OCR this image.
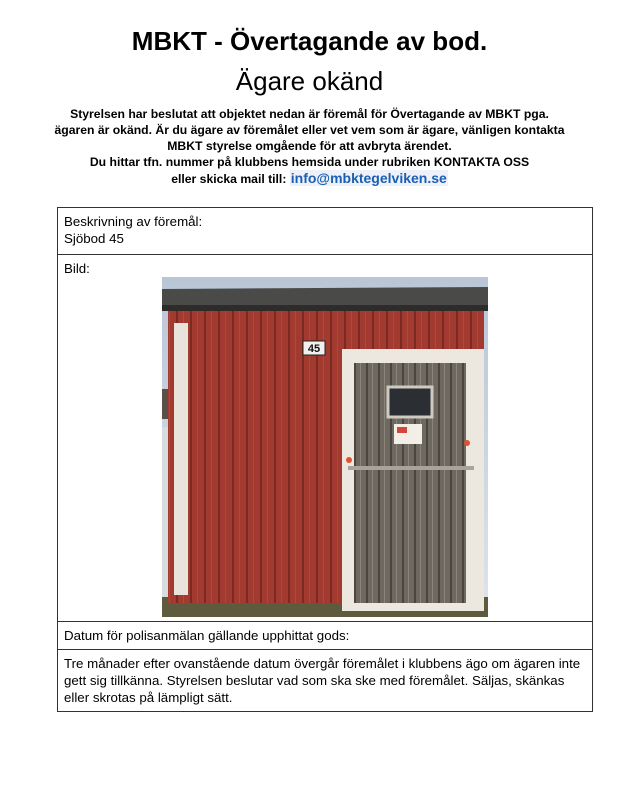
MBKT - Övertagande av bod.
Ägare okänd
Styrelsen har beslutat att objektet nedan är föremål för Övertagande av MBKT pga.
ägaren är okänd. Är du ägare av föremålet eller vet vem som är ägare, vänligen kontakta
MBKT styrelse omgående för att avbryta ärendet.
Du hittar tfn. nummer på klubbens hemsida under rubriken KONTAKTA OSS
eller skicka mail till: info@mbktegelviken.se
Beskrivning av föremål:
Sjöbod 45

Bild:
45

Datum för polisanmälan gällande upphittat gods:
Tre månader efter ovanstående datum övergår föremålet i klubbens ägo om ägaren inte gett sig tillkänna. Styrelsen beslutar vad som ska ske med föremålet. Säljas, skänkas eller skrotas på lämpligt sätt.
